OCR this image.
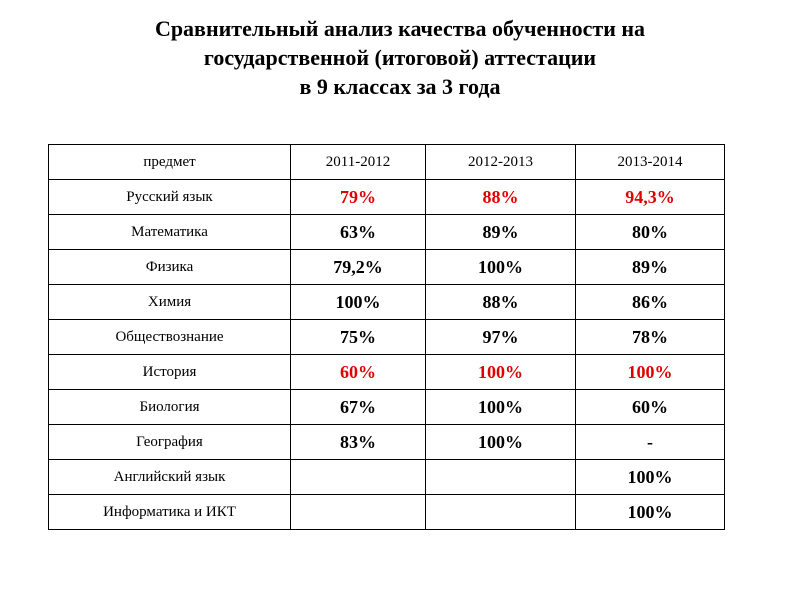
Сравнительный анализ качества обученности на
государственной (итоговой) аттестации
в 9 классах за 3 года
предмет	2011-2012	2012-2013	2013-2014
Русский язык	79%	88%	94,3%
Математика	63%	89%	80%
Физика	79,2%	100%	89%
Химия	100%	88%	86%
Обществознание	75%	97%	78%
История	60%	100%	100%
Биология	67%	100%	60%
География	83%	100%	-
Английский язык			100%
Информатика и ИКТ			100%
